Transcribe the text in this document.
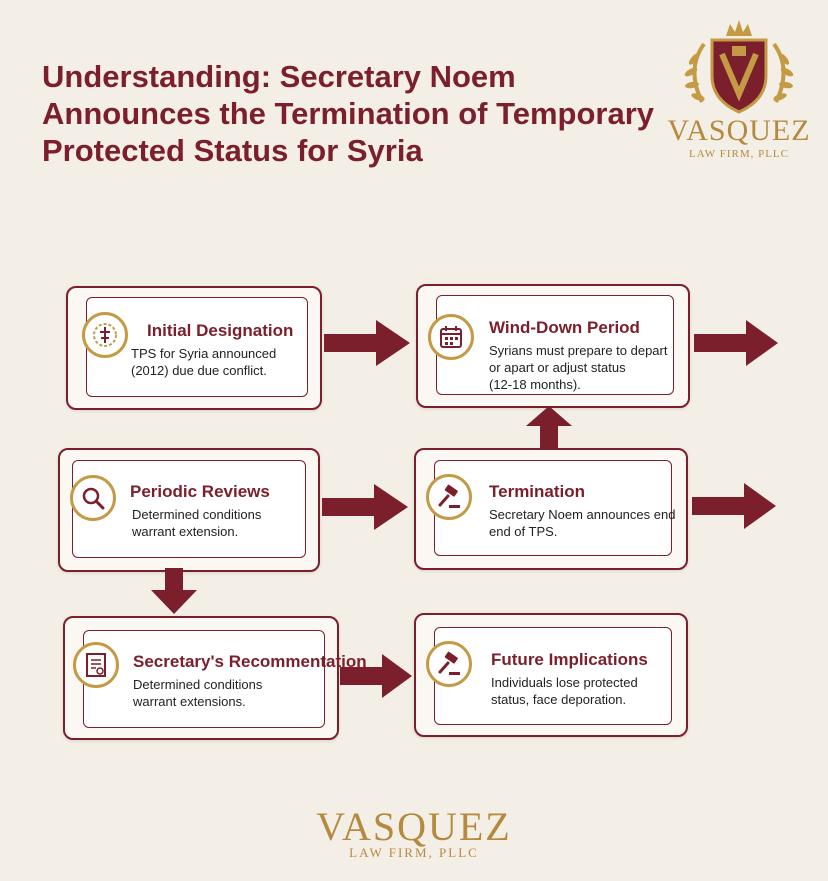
Understanding: Secretary Noem Announces the Termination of Temporary Protected Status for Syria
VASQUEZ
LAW FIRM, PLLC
Initial Designation
TPS for Syria announced
(2012) due due conflict.
Wind-Down Period
Syrians must prepare to depart
or apart or adjust status
(12-18 months).
Periodic Reviews
Determined conditions
warrant extension.
Termination
Secretary Noem announces end
end of TPS.
Secretary's Recommentation
Determined conditions
warrant extensions.
Future Implications
Individuals lose protected
status, face deporation.
VASQUEZ
LAW FIRM, PLLC
